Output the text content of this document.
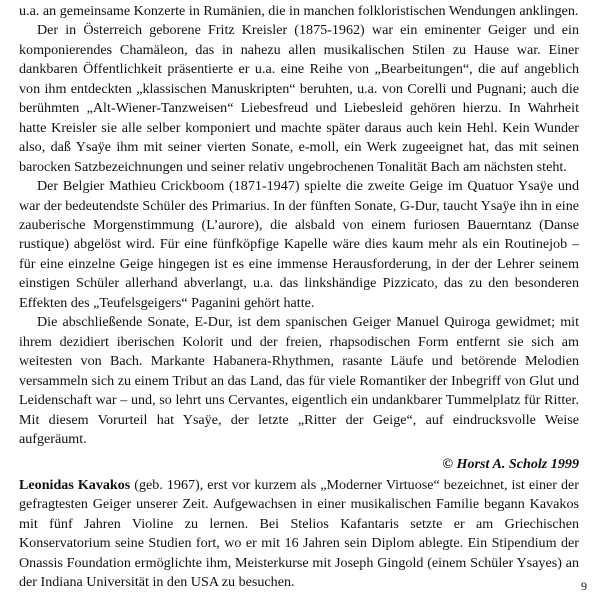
u.a. an gemeinsame Konzerte in Rumänien, die in manchen folkloristischen Wendungen anklingen.

Der in Österreich geborene Fritz Kreisler (1875-1962) war ein eminenter Geiger und ein komponierendes Chamäleon, das in nahezu allen musikalischen Stilen zu Hause war. Einer dankbaren Öffentlichkeit präsentierte er u.a. eine Reihe von „Bearbeitungen“, die auf angeblich von ihm entdeckten „klassischen Manuskripten“ beruhten, u.a. von Corelli und Pugnani; auch die berühmten „Alt-Wiener-Tanzweisen“ Liebesfreud und Liebesleid gehören hierzu. In Wahrheit hatte Kreisler sie alle selber komponiert und machte später daraus auch kein Hehl. Kein Wunder also, daß Ysaÿe ihm mit seiner vierten Sonate, e-moll, ein Werk zugeeignet hat, das mit seinen barocken Satzbezeichnungen und seiner relativ ungebrochenen Tonalität Bach am nächsten steht.

Der Belgier Mathieu Crickboom (1871-1947) spielte die zweite Geige im Quatuor Ysaÿe und war der bedeutendste Schüler des Primarius. In der fünften Sonate, G-Dur, taucht Ysaÿe ihn in eine zauberische Morgenstimmung (L’aurore), die alsbald von einem furiosen Bauerntanz (Danse rustique) abgelöst wird. Für eine fünfköpfige Kapelle wäre dies kaum mehr als ein Routinejob – für eine einzelne Geige hingegen ist es eine immense Herausforderung, in der der Lehrer seinem einstigen Schüler allerhand abverlangt, u.a. das linkshändige Pizzicato, das zu den besonderen Effekten des „Teufelsgeigers“ Paganini gehört hatte.

Die abschließende Sonate, E-Dur, ist dem spanischen Geiger Manuel Quiroga gewidmet; mit ihrem dezidiert iberischen Kolorit und der freien, rhapsodischen Form entfernt sie sich am weitesten von Bach. Markante Habanera-Rhythmen, rasante Läufe und betörende Melodien versammeln sich zu einem Tribut an das Land, das für viele Romantiker der Inbegriff von Glut und Leidenschaft war – und, so lehrt uns Cervantes, eigentlich ein undankbarer Tummelplatz für Ritter. Mit diesem Vorurteil hat Ysaÿe, der letzte „Ritter der Geige“, auf eindrucksvolle Weise aufgeräumt.

© Horst A. Scholz 1999

Leonidas Kavakos (geb. 1967), erst vor kurzem als „Moderner Virtuose“ bezeichnet, ist einer der gefragtesten Geiger unserer Zeit. Aufgewachsen in einer musikalischen Familie begann Kavakos mit fünf Jahren Violine zu lernen. Bei Stelios Kafantaris setzte er am Griechischen Konservatorium seine Studien fort, wo er mit 16 Jahren sein Diplom ablegte. Ein Stipendium der Onassis Foundation ermöglichte ihm, Meisterkurse mit Joseph Gingold (einem Schüler Ysayes) an der Indiana Universität in den USA zu besuchen.	9
